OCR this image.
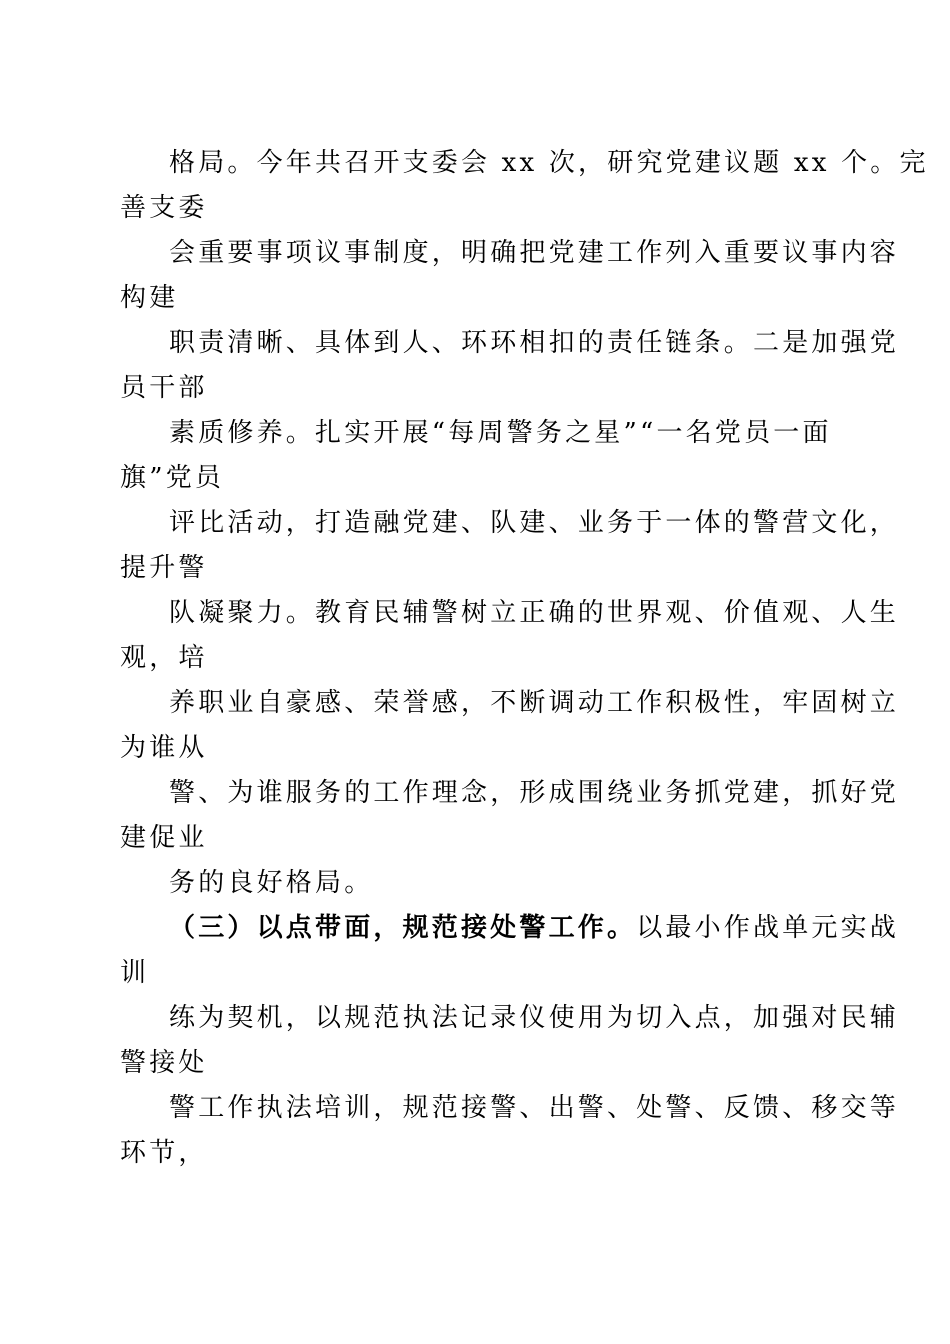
格局。今年共召开支委会 xx 次，研究党建议题 xx 个。完
善支委
会重要事项议事制度，明确把党建工作列入重要议事内容
构建
职责清晰、具体到人、环环相扣的责任链条。二是加强党
员干部
素质修养。扎实开展“每周警务之星”“一名党员一面
旗”党员
评比活动，打造融党建、队建、业务于一体的警营文化，
提升警
队凝聚力。教育民辅警树立正确的世界观、价值观、人生
观，培
养职业自豪感、荣誉感，不断调动工作积极性，牢固树立
为谁从
警、为谁服务的工作理念，形成围绕业务抓党建，抓好党
建促业
务的良好格局。
（三）以点带面，规范接处警工作。以最小作战单元实战
训
练为契机，以规范执法记录仪使用为切入点，加强对民辅
警接处
警工作执法培训，规范接警、出警、处警、反馈、移交等
环节，
